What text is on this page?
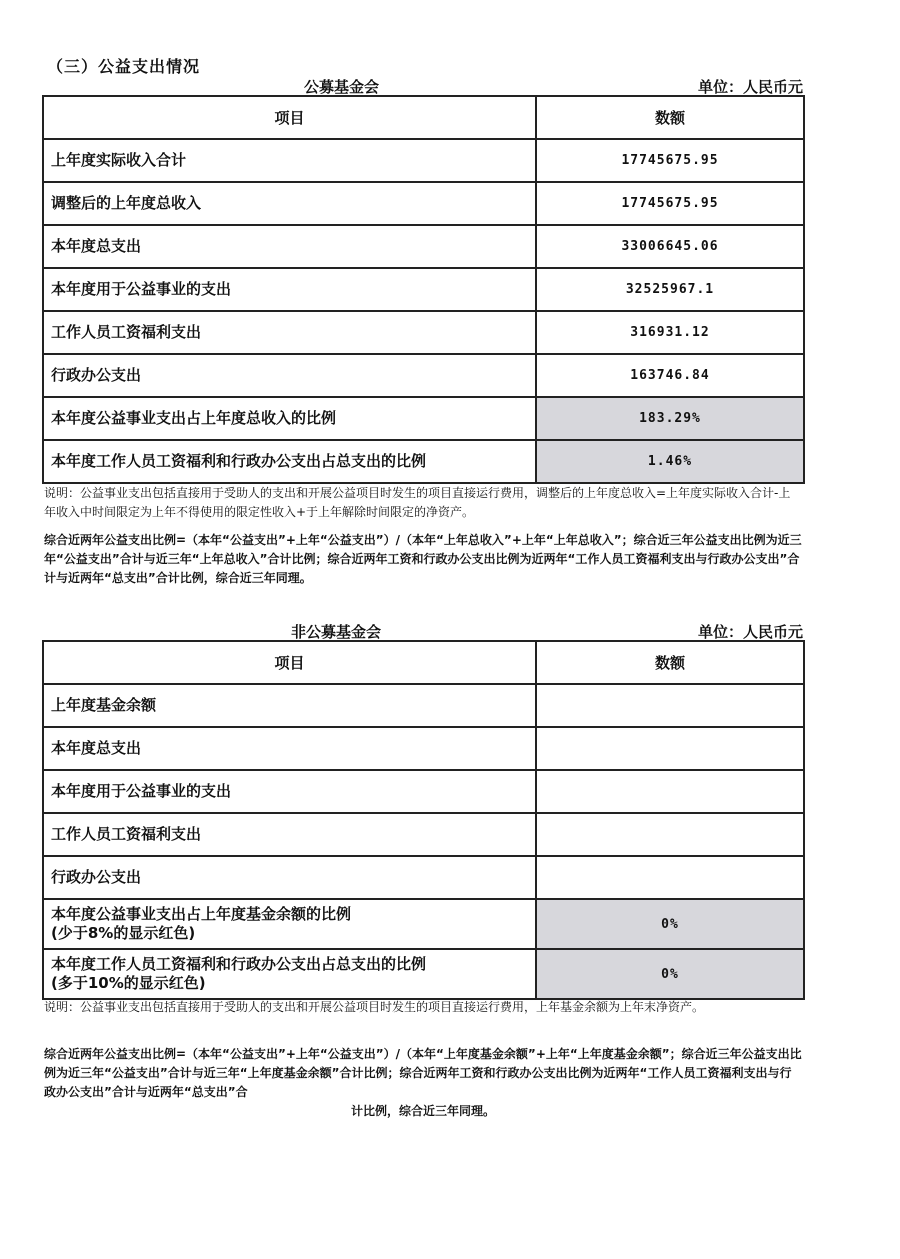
（三）公益支出情况
公募基金会	单位：人民币元
项目	数额
上年度实际收入合计	17745675.95
调整后的上年度总收入	17745675.95
本年度总支出	33006645.06
本年度用于公益事业的支出	32525967.1
工作人员工资福利支出	316931.12
行政办公支出	163746.84
本年度公益事业支出占上年度总收入的比例	183.29%
本年度工作人员工资福利和行政办公支出占总支出的比例	1.46%
说明：公益事业支出包括直接用于受助人的支出和开展公益项目时发生的项目直接运行费用，调整后的上年度总收入=上年度实际收入合计-上年收入中时间限定为上年不得使用的限定性收入+于上年解除时间限定的净资产。
综合近两年公益支出比例=（本年“公益支出”+上年“公益支出”）/（本年“上年总收入”+上年“上年总收入”；综合近三年公益支出比例为近三年“公益支出”合计与近三年“上年总收入”合计比例；综合近两年工资和行政办公支出比例为近两年“工作人员工资福利支出与行政办公支出”合计与近两年“总支出”合计比例，综合近三年同理。
非公募基金会	单位：人民币元
项目	数额
上年度基金余额	
本年度总支出	
本年度用于公益事业的支出	
工作人员工资福利支出	
行政办公支出	

本年度公益事业支出占上年度基金余额的比例
(少于8%的显示红色)	0%

本年度工作人员工资福利和行政办公支出占总支出的比例
(多于10%的显示红色)	0%
说明：公益事业支出包括直接用于受助人的支出和开展公益项目时发生的项目直接运行费用，上年基金余额为上年末净资产。
综合近两年公益支出比例=（本年“公益支出”+上年“公益支出”）/（本年“上年度基金余额”+上年“上年度基金余额”；综合近三年公益支出比例为近三年“公益支出”合计与近三年“上年度基金余额”合计比例；综合近两年工资和行政办公支出比例为近两年“工作人员工资福利支出与行政办公支出”合计与近两年“总支出”合
计比例，综合近三年同理。
